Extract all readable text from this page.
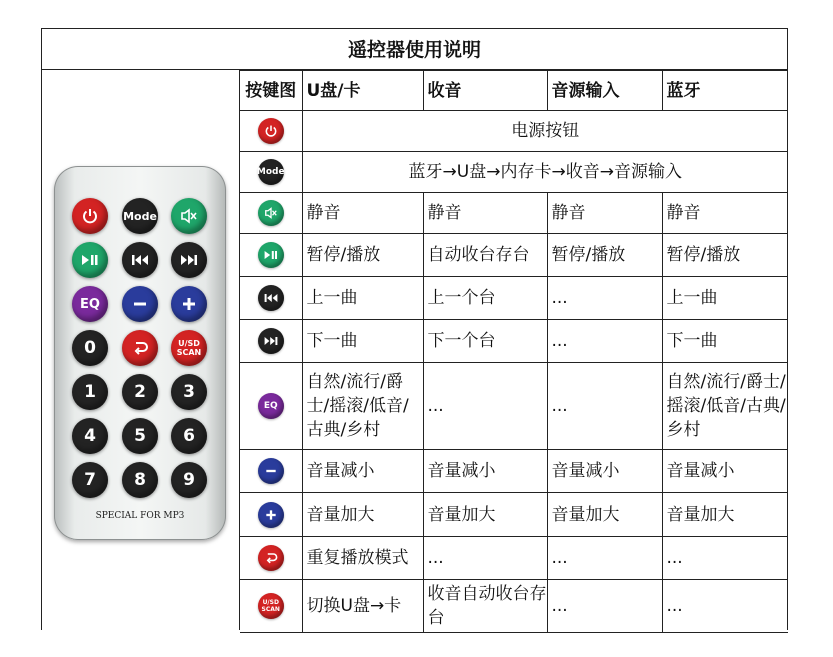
遥控器使用说明
Mode
EQ
0	U/SD SCAN
1	2	3
4	5	6
7	8	9
SPECIAL FOR MP3
按键图	U盘/卡	收音	音源输入	蓝牙

	电源按钮			
Mode	蓝牙→U盘→内存卡→收音→音源输入			

	静音	静音	静音	静音

	暂停/播放	自动收台存台	暂停/播放	暂停/播放

	上一曲	上一个台	...	上一曲

	下一曲	下一个台	...	下一曲
EQ	自然/流行/爵士/摇滚/低音/古典/乡村	...	...	自然/流行/爵士/摇滚/低音/古典/乡村

	音量减小	音量减小	音量减小	音量减小

	音量加大	音量加大	音量加大	音量加大

	重复播放模式	...	...	...
U/SD SCAN	切换U盘→卡	收音自动收台存台	...	...
